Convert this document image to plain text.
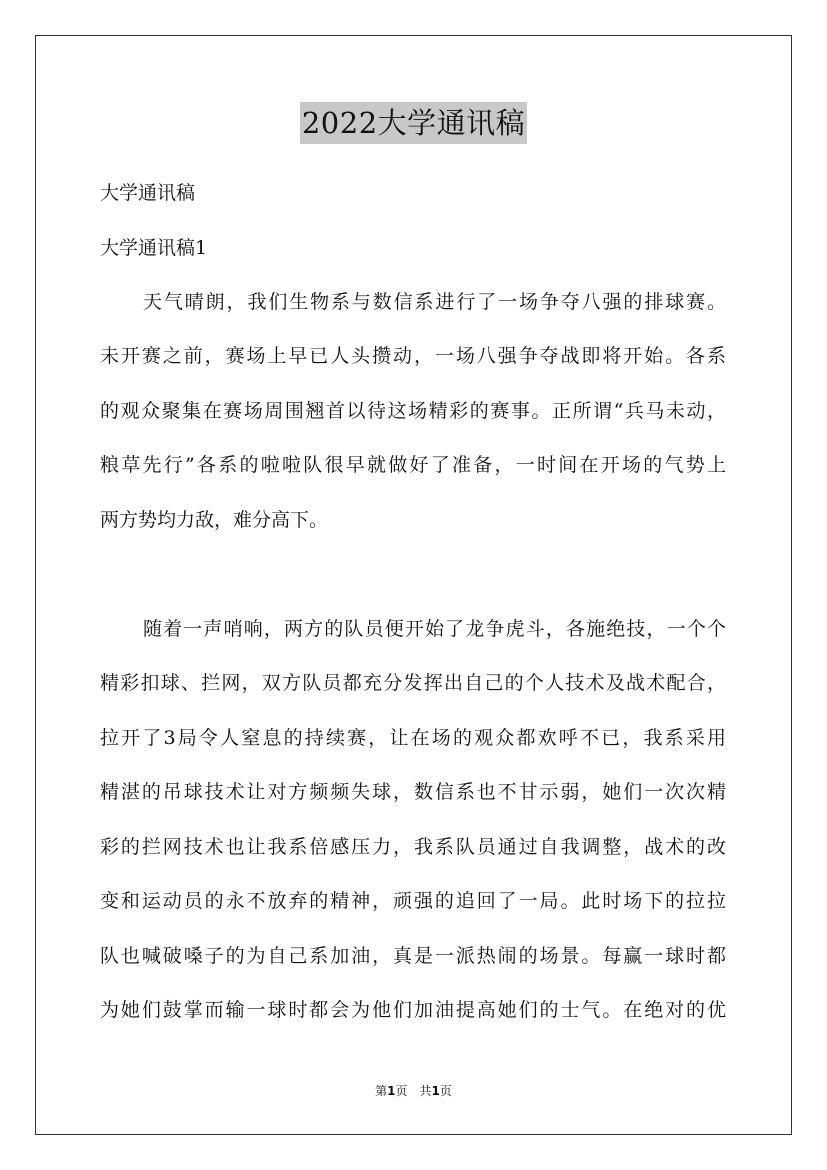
2022大学通讯稿

大学通讯稿

大学通讯稿1

天气晴朗，我们生物系与数信系进行了一场争夺八强的排球赛。

未开赛之前，赛场上早已人头攒动，一场八强争夺战即将开始。各系

的观众聚集在赛场周围翘首以待这场精彩的赛事。正所谓“兵马未动，

粮草先行”各系的啦啦队很早就做好了准备，一时间在开场的气势上

两方势均力敌，难分高下。

随着一声哨响，两方的队员便开始了龙争虎斗，各施绝技，一个个

精彩扣球、拦网，双方队员都充分发挥出自己的个人技术及战术配合，

拉开了3局令人窒息的持续赛，让在场的观众都欢呼不已，我系采用

精湛的吊球技术让对方频频失球，数信系也不甘示弱，她们一次次精

彩的拦网技术也让我系倍感压力，我系队员通过自我调整，战术的改

变和运动员的永不放弃的精神，顽强的追回了一局。此时场下的拉拉

队也喊破嗓子的为自己系加油，真是一派热闹的场景。每赢一球时都

为她们鼓掌而输一球时都会为他们加油提高她们的士气。在绝对的优

第1页　共1页
